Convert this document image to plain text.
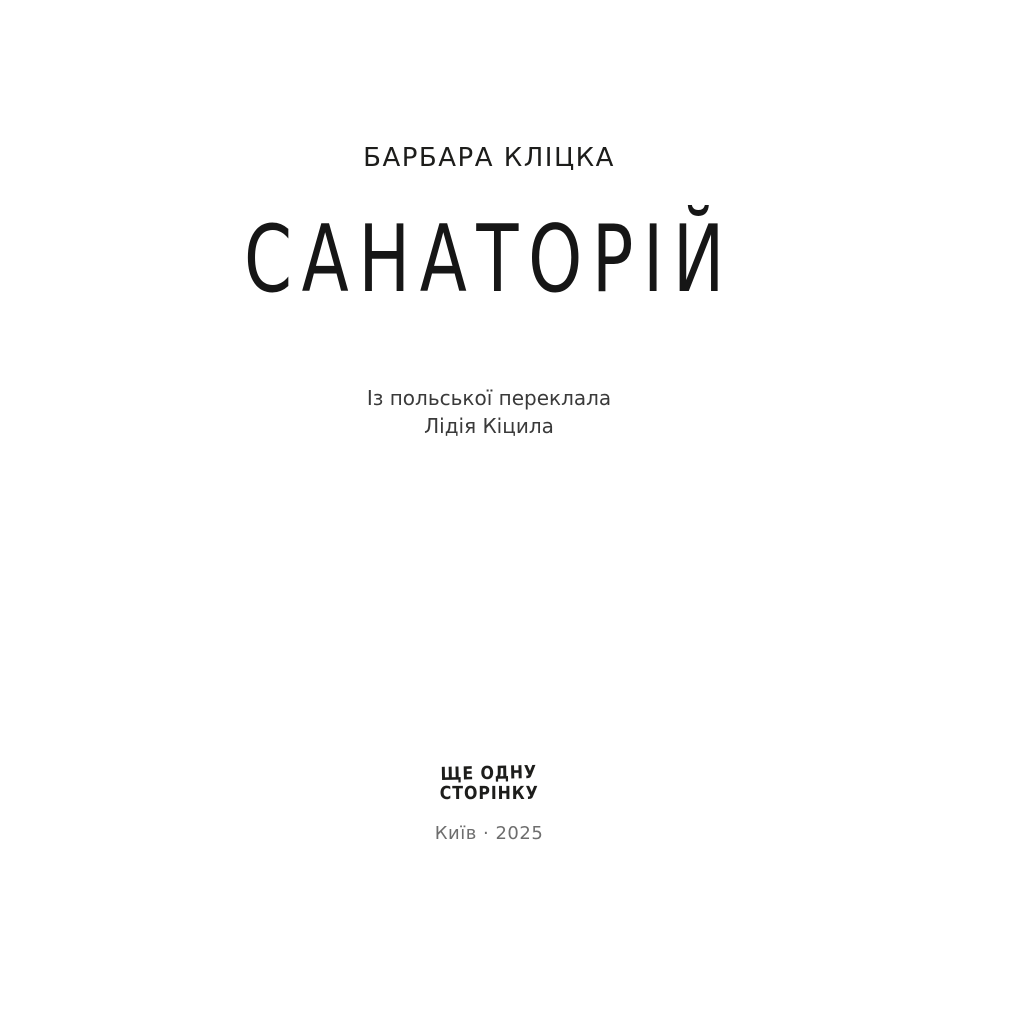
БАРБАРА КЛІЦКА
САНАТОРІЙ
Із польської переклала
Лідія Кіцила
ЩЕ ОДНУ
СТОРІНКУ
Київ · 2025
